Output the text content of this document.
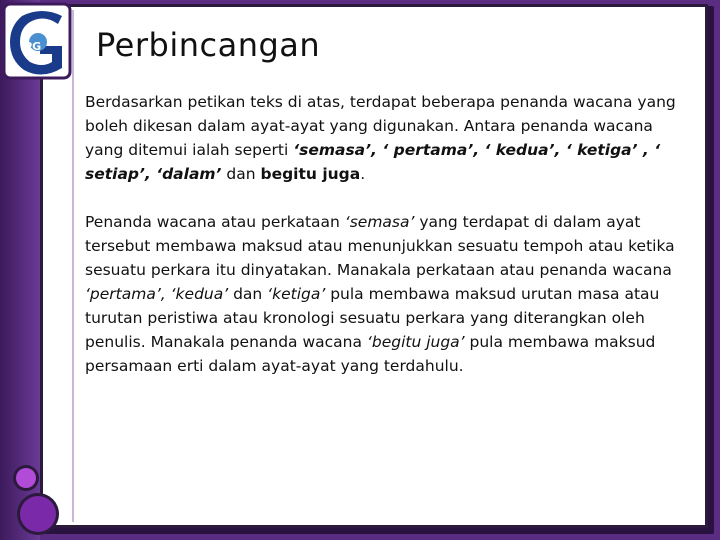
IPG Perbincangan

Berdasarkan petikan teks di atas, terdapat beberapa penanda wacana yang boleh dikesan dalam ayat-ayat yang digunakan. Antara penanda wacana yang ditemui ialah seperti ‘semasa’, ‘ pertama’, ‘ kedua’, ‘ ketiga’ , ‘ setiap’, ‘dalam’ dan begitu juga.

Penanda wacana atau perkataan ‘semasa’ yang terdapat di dalam ayat tersebut membawa maksud atau menunjukkan sesuatu tempoh atau ketika sesuatu perkara itu dinyatakan. Manakala perkataan atau penanda wacana ‘pertama’, ‘kedua’ dan ‘ketiga’ pula membawa maksud urutan masa atau turutan peristiwa atau kronologi sesuatu perkara yang diterangkan oleh penulis. Manakala penanda wacana ‘begitu juga’ pula membawa maksud persamaan erti dalam ayat-ayat yang terdahulu.
